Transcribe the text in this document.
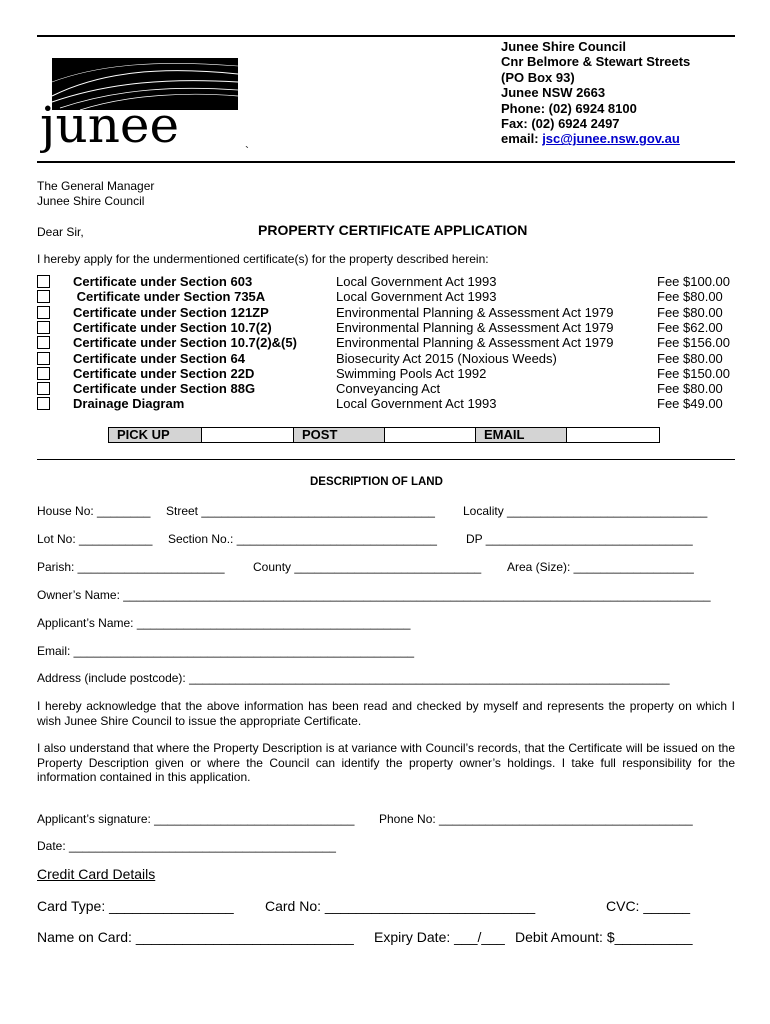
junee	`
Junee Shire Council
Cnr Belmore & Stewart Streets
(PO Box 93)
Junee NSW 2663
Phone: (02) 6924 8100
Fax: (02) 6924 2497
email: jsc@junee.nsw.gov.au
The General Manager
Junee Shire Council
Dear Sir,	PROPERTY CERTIFICATE APPLICATION
I hereby apply for the undermentioned certificate(s) for the property described herein:
Certificate under Section 603	Local Government Act 1993	Fee $100.00
Certificate under Section 735A	Local Government Act 1993	Fee $80.00
Certificate under Section 121ZP	Environmental Planning & Assessment Act 1979	Fee $80.00
Certificate under Section 10.7(2)	Environmental Planning & Assessment Act 1979	Fee $62.00
Certificate under Section 10.7(2)&(5)	Environmental Planning & Assessment Act 1979	Fee $156.00
Certificate under Section 64	Biosecurity Act 2015 (Noxious Weeds)	Fee $80.00
Certificate under Section 22D	Swimming Pools Act 1992	Fee $150.00
Certificate under Section 88G	Conveyancing Act	Fee $80.00
Drainage Diagram	Local Government Act 1993	Fee $49.00
PICK UP	POST	EMAIL
DESCRIPTION OF LAND
House No: ________ Street ___________________________________ Locality ______________________________
Lot No: ___________ Section No.: ______________________________ DP _______________________________
Parish: ______________________ County ____________________________ Area (Size): __________________
Owner’s Name: ________________________________________________________________________________________
Applicant’s Name: _________________________________________
Email: ___________________________________________________
Address (include postcode): ________________________________________________________________________
I hereby acknowledge that the above information has been read and checked by myself and represents the property on which I wish Junee Shire Council to issue the appropriate Certificate.
I also understand that where the Property Description is at variance with Council’s records, that the Certificate will be issued on the Property Description given or where the Council can identify the property owner’s holdings. I take full responsibility for the information contained in this application.
Applicant’s signature: ______________________________ Phone No: ______________________________________
Date: ________________________________________
Credit Card Details
Card Type: ________________ Card No: ___________________________	CVC: ______
Name on Card: ____________________________ Expiry Date: ___/___ Debit Amount: $__________
